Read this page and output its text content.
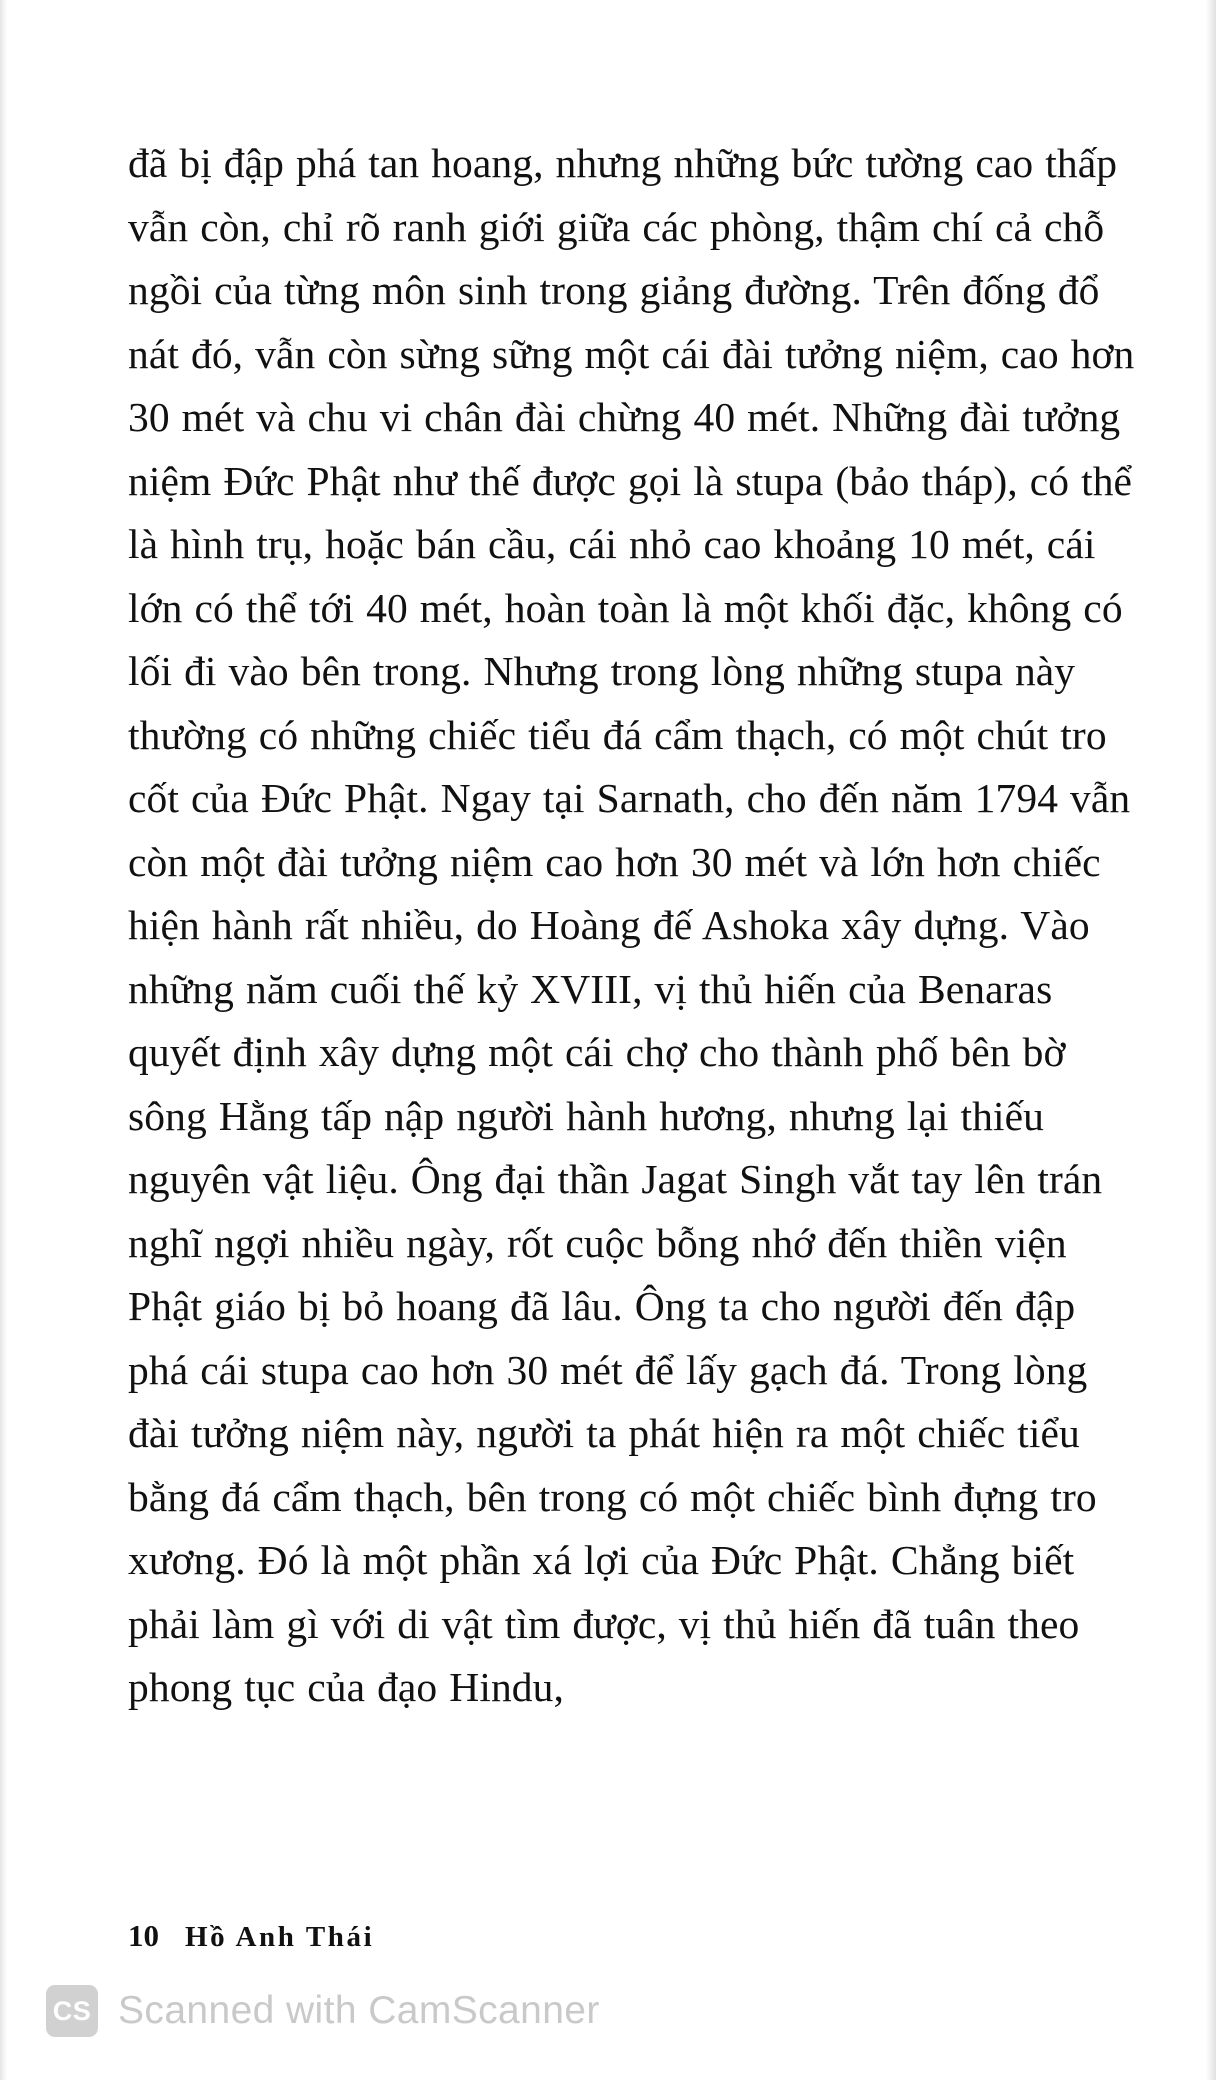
đã bị đập phá tan hoang, nhưng những bức tường cao thấp vẫn còn, chỉ rõ ranh giới giữa các phòng, thậm chí cả chỗ ngồi của từng môn sinh trong giảng đường. Trên đống đổ nát đó, vẫn còn sừng sững một cái đài tưởng niệm, cao hơn 30 mét và chu vi chân đài chừng 40 mét. Những đài tưởng niệm Đức Phật như thế được gọi là stupa (bảo tháp), có thể là hình trụ, hoặc bán cầu, cái nhỏ cao khoảng 10 mét, cái lớn có thể tới 40 mét, hoàn toàn là một khối đặc, không có lối đi vào bên trong. Nhưng trong lòng những stupa này thường có những chiếc tiểu đá cẩm thạch, có một chút tro cốt của Đức Phật. Ngay tại Sarnath, cho đến năm 1794 vẫn còn một đài tưởng niệm cao hơn 30 mét và lớn hơn chiếc hiện hành rất nhiều, do Hoàng đế Ashoka xây dựng. Vào những năm cuối thế kỷ XVIII, vị thủ hiến của Benaras quyết định xây dựng một cái chợ cho thành phố bên bờ sông Hằng tấp nập người hành hương, nhưng lại thiếu nguyên vật liệu. Ông đại thần Jagat Singh vắt tay lên trán nghĩ ngợi nhiều ngày, rốt cuộc bỗng nhớ đến thiền viện Phật giáo bị bỏ hoang đã lâu. Ông ta cho người đến đập phá cái stupa cao hơn 30 mét để lấy gạch đá. Trong lòng đài tưởng niệm này, người ta phát hiện ra một chiếc tiểu bằng đá cẩm thạch, bên trong có một chiếc bình đựng tro xương. Đó là một phần xá lợi của Đức Phật. Chẳng biết phải làm gì với di vật tìm được, vị thủ hiến đã tuân theo phong tục của đạo Hindu,

10 Hồ Anh Thái
CS Scanned with CamScanner
